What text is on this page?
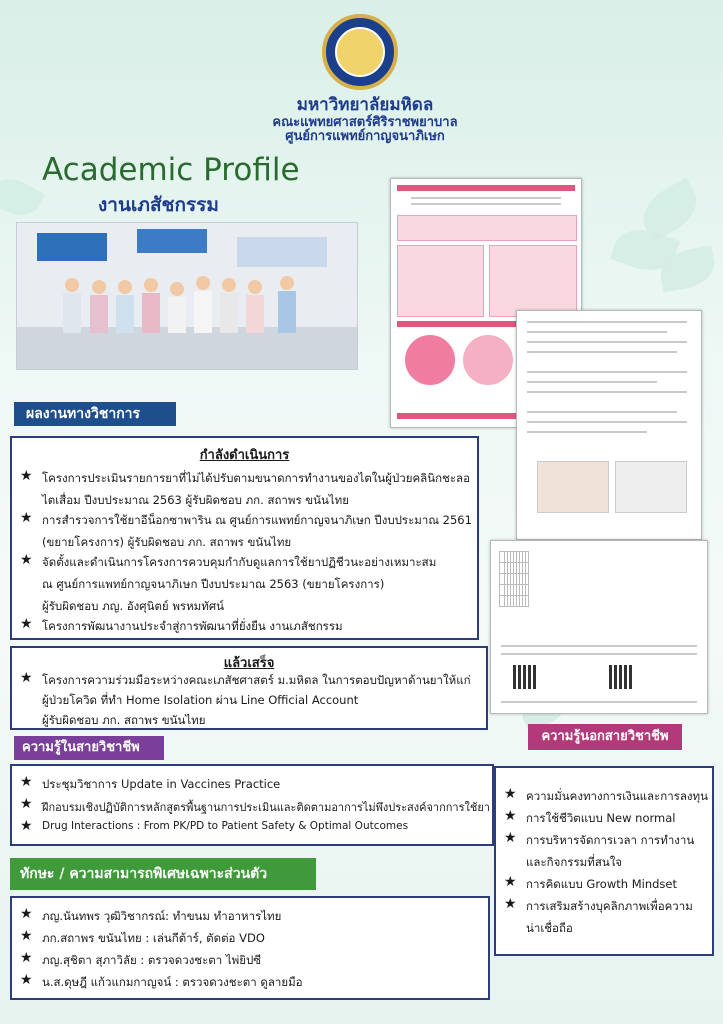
มหาวิทยาลัยมหิดล
คณะแพทยศาสตร์ศิริราชพยาบาล
ศูนย์การแพทย์กาญจนาภิเษก
Academic Profile
งานเภสัชกรรม

ผลงานทางวิชาการ
กำลังดำเนินการ
★ โครงการประเมินรายการยาที่ไม่ได้ปรับตามขนาดการทำงานของไตในผู้ป่วยคลินิกชะลอ
ไตเสื่อม ปีงบประมาณ 2563 ผู้รับผิดชอบ ภก. สถาพร ขนันไทย
★ การสำรวจการใช้ยาอีน็อกซาพาริน ณ ศูนย์การแพทย์กาญจนาภิเษก ปีงบประมาณ 2561
(ขยายโครงการ) ผู้รับผิดชอบ ภก. สถาพร ขนันไทย
★ จัดตั้งและดำเนินการโครงการควบคุมกำกับดูแลการใช้ยาปฏิชีวนะอย่างเหมาะสม
ณ ศูนย์การแพทย์กาญจนาภิเษก ปีงบประมาณ 2563 (ขยายโครงการ)
ผู้รับผิดชอบ ภญ. อังศุนิตย์ พรหมทัศน์
★ โครงการพัฒนางานประจำสู่การพัฒนาที่ยั่งยืน งานเภสัชกรรม
แล้วเสร็จ
★ โครงการความร่วมมือระหว่างคณะเภสัชศาสตร์ ม.มหิดล ในการตอบปัญหาด้านยาให้แก่
ผู้ป่วยโควิด ที่ทำ Home Isolation ผ่าน Line Official Account
ผู้รับผิดชอบ ภก. สถาพร ขนันไทย
ความรู้ในสายวิชาชีพ
★ ประชุมวิชาการ Update in Vaccines Practice
★ ฝึกอบรมเชิงปฏิบัติการหลักสูตรพื้นฐานการประเมินและติดตามอาการไม่พึงประสงค์จากการใช้ยา
★ Drug Interactions : From PK/PD to Patient Safety & Optimal Outcomes
ความรู้นอกสายวิชาชีพ
★ ความมั่นคงทางการเงินและการลงทุน
★ การใช้ชีวิตแบบ New normal
★ การบริหารจัดการเวลา การทำงาน
และกิจกรรมที่สนใจ
★ การคิดแบบ Growth Mindset
★ การเสริมสร้างบุคลิกภาพเพื่อความ
น่าเชื่อถือ
ทักษะ / ความสามารถพิเศษเฉพาะส่วนตัว
★ ภญ.นันทพร วุฒิวิชากรณ์: ทำขนม ทำอาหารไทย
★ ภก.สถาพร ขนันไทย : เล่นกีต้าร์, ตัดต่อ VDO
★ ภญ.สุชิตา สุภาวิลัย : ตรวจดวงชะตา ไพ่ยิปซี
★ น.ส.ดุษฎี แก้วแกมกาญจน์ : ตรวจดวงชะตา ดูลายมือ
